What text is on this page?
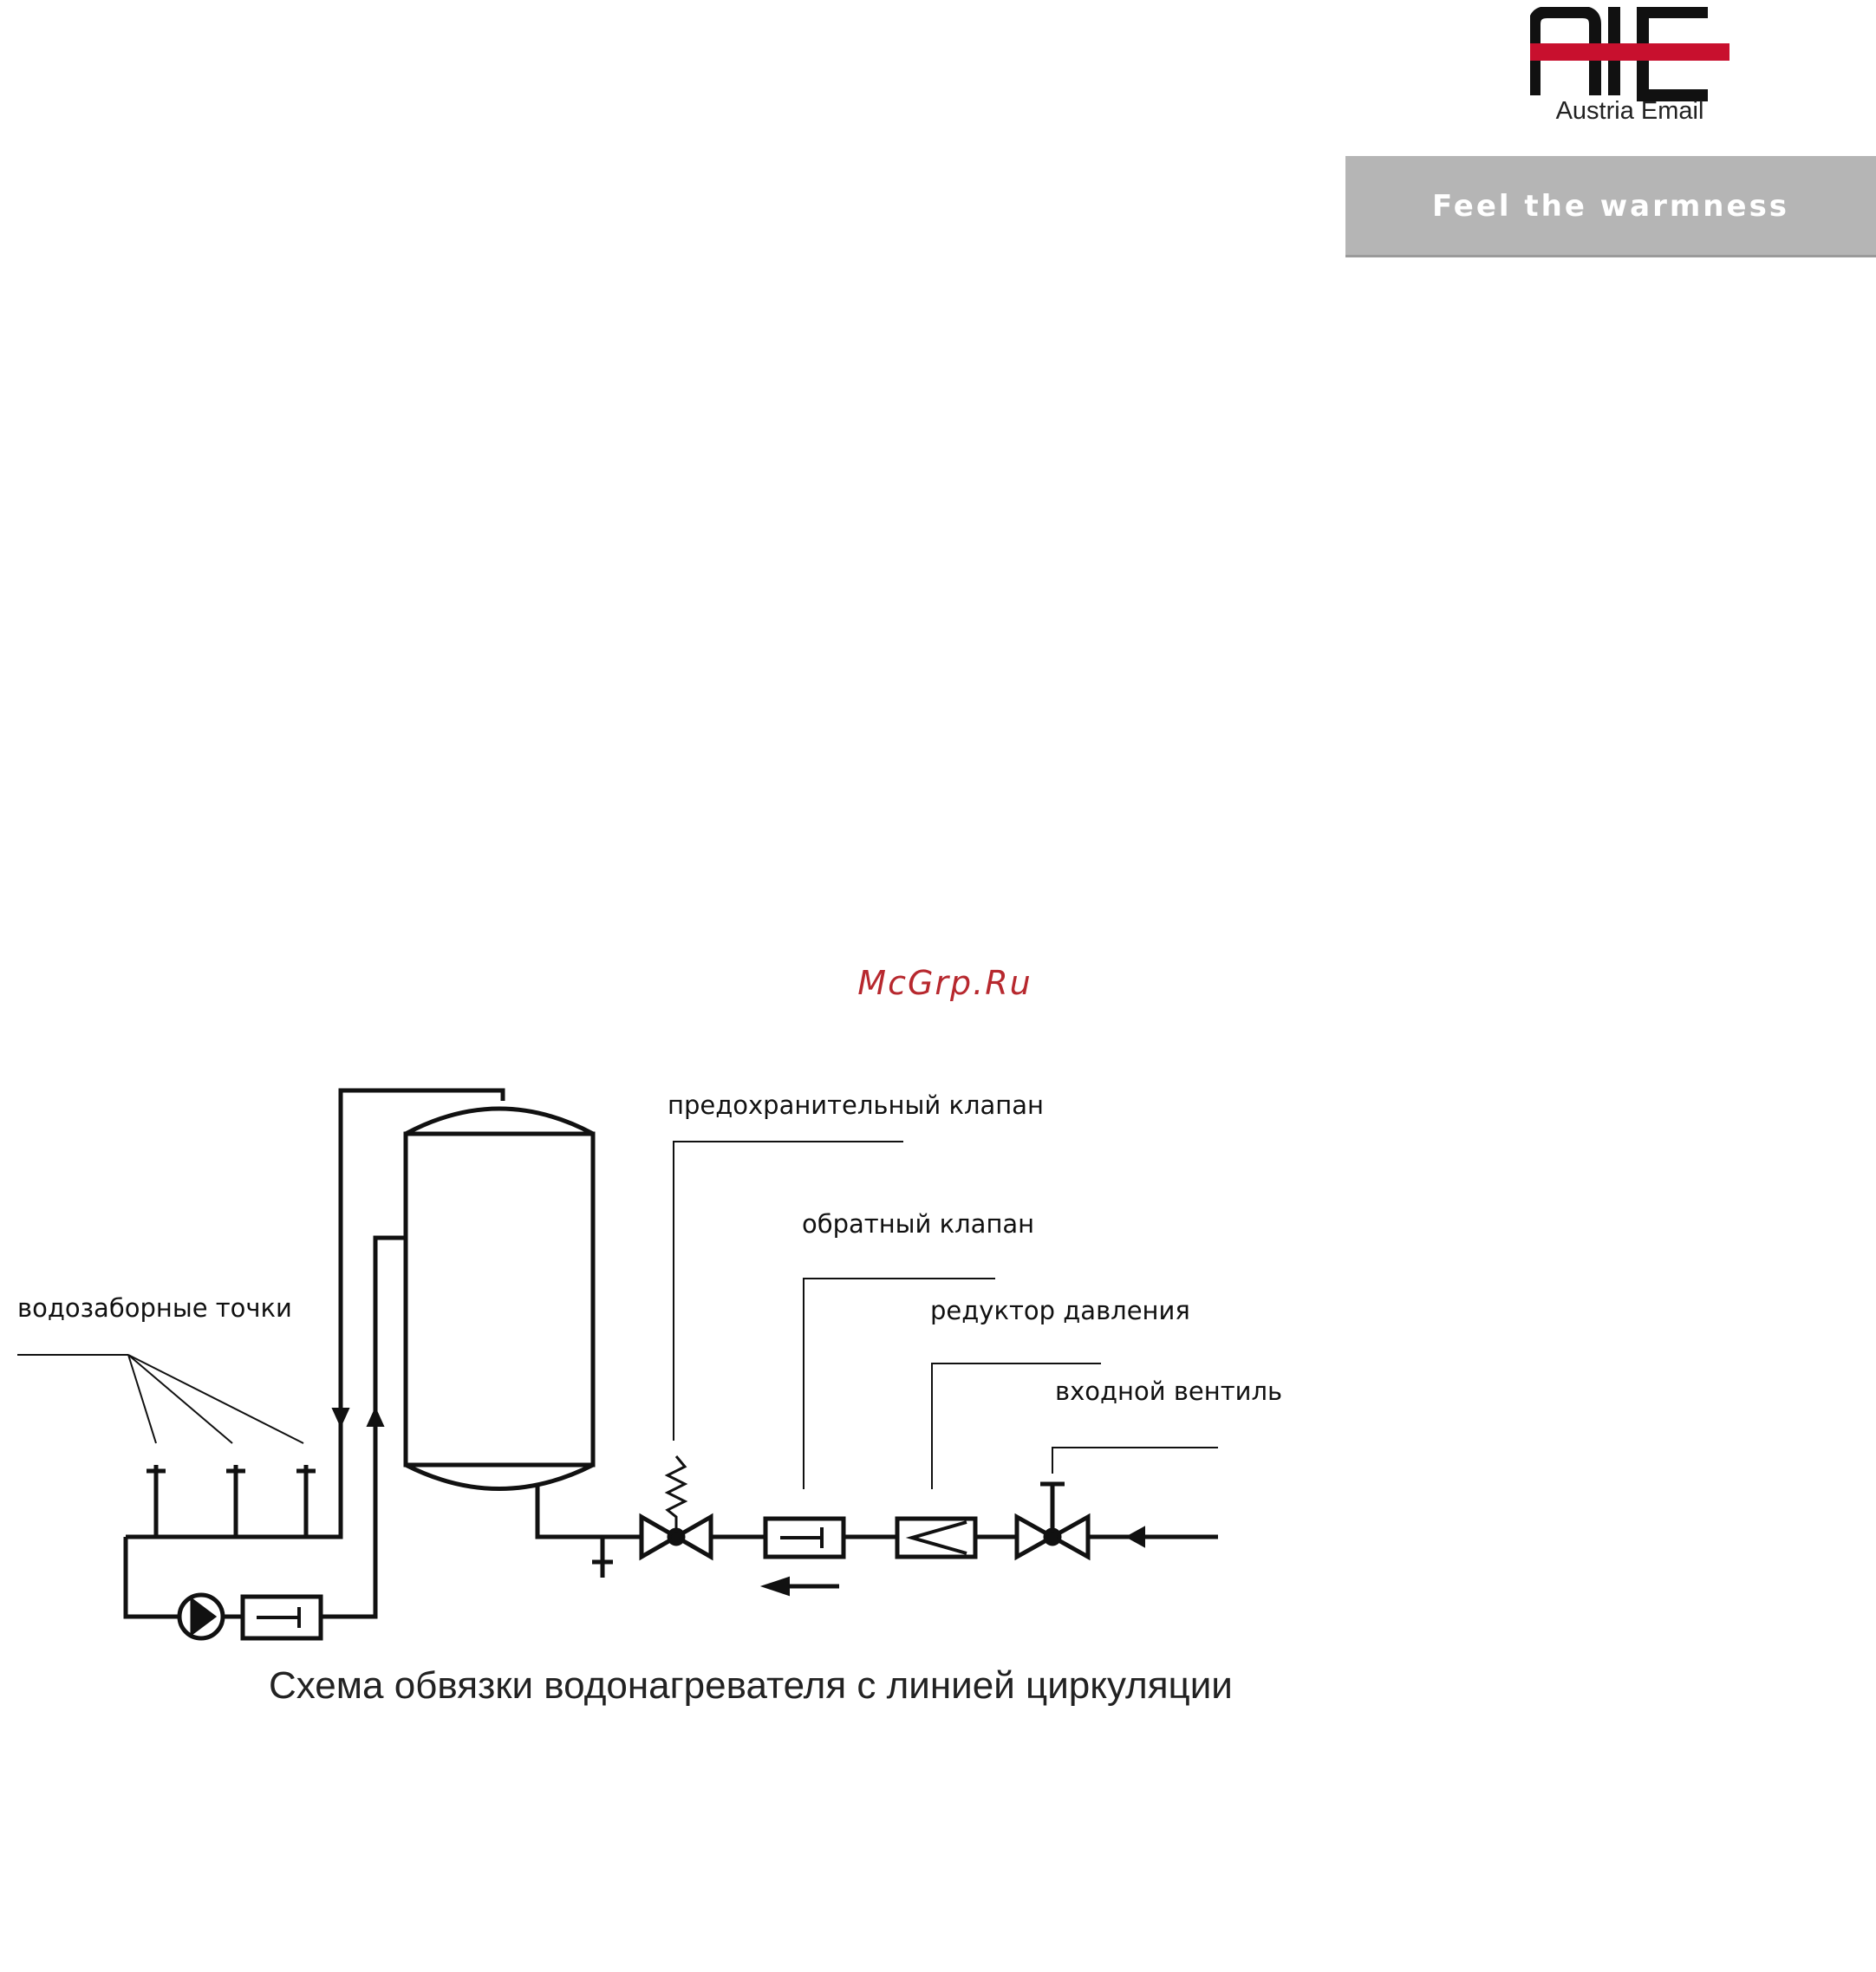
Austria Email
Feel the warmness
McGrp.Ru
водозаборные точки
предохранительный клапан
обратный клапан
редуктор давления
входной вентиль
Схема обвязки водонагревателя с линией циркуляции
